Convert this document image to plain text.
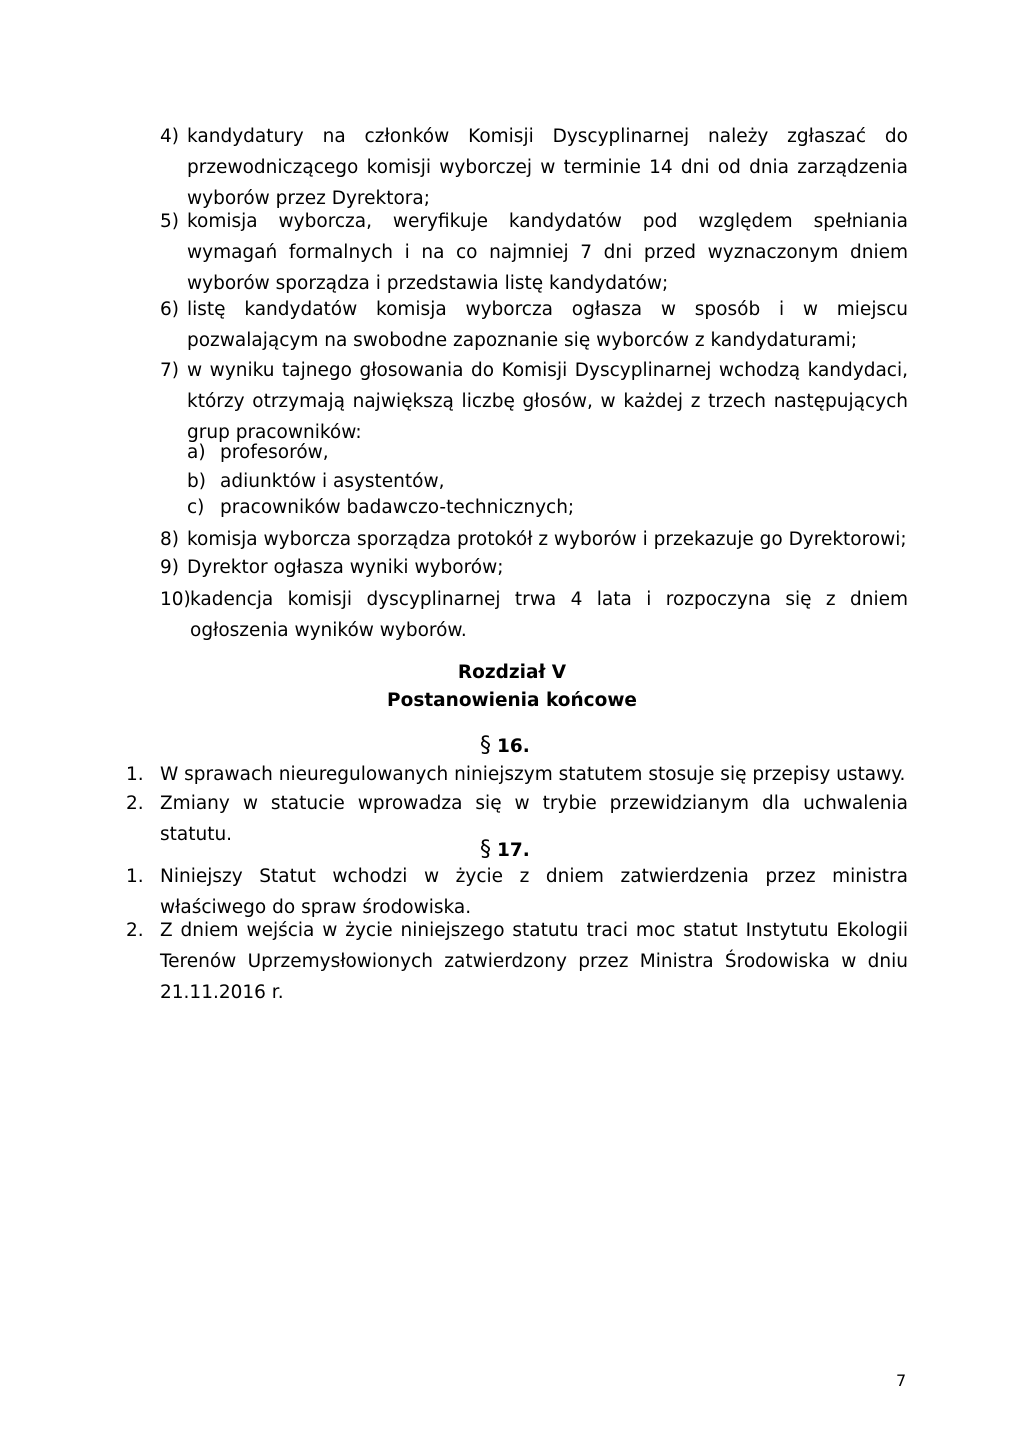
4) kandydatury na członków Komisji Dyscyplinarnej należy zgłaszać do przewodniczącego komisji wyborczej w terminie 14 dni od dnia zarządzenia wyborów przez Dyrektora;
5) komisja wyborcza, weryfikuje kandydatów pod względem spełniania wymagań formalnych i na co najmniej 7 dni przed wyznaczonym dniem wyborów sporządza i przedstawia listę kandydatów;
6) listę kandydatów komisja wyborcza ogłasza w sposób i w miejscu pozwalającym na swobodne zapoznanie się wyborców z kandydaturami;
7) w wyniku tajnego głosowania do Komisji Dyscyplinarnej wchodzą kandydaci, którzy otrzymają największą liczbę głosów, w każdej z trzech następujących grup pracowników:
a) profesorów,
b) adiunktów i asystentów,
c) pracowników badawczo-technicznych;
8) komisja wyborcza sporządza protokół z wyborów i przekazuje go Dyrektorowi;
9) Dyrektor ogłasza wyniki wyborów;
10) kadencja komisji dyscyplinarnej trwa 4 lata i rozpoczyna się z dniem ogłoszenia wyników wyborów.
Rozdział V
Postanowienia końcowe
§ 16.
1. W sprawach nieuregulowanych niniejszym statutem stosuje się przepisy ustawy.
2. Zmiany w statucie wprowadza się w trybie przewidzianym dla uchwalenia statutu.
§ 17.
1. Niniejszy Statut wchodzi w życie z dniem zatwierdzenia przez ministra właściwego do spraw środowiska.
2. Z dniem wejścia w życie niniejszego statutu traci moc statut Instytutu Ekologii Terenów Uprzemysłowionych zatwierdzony przez Ministra Środowiska w dniu 21.11.2016 r.
7
